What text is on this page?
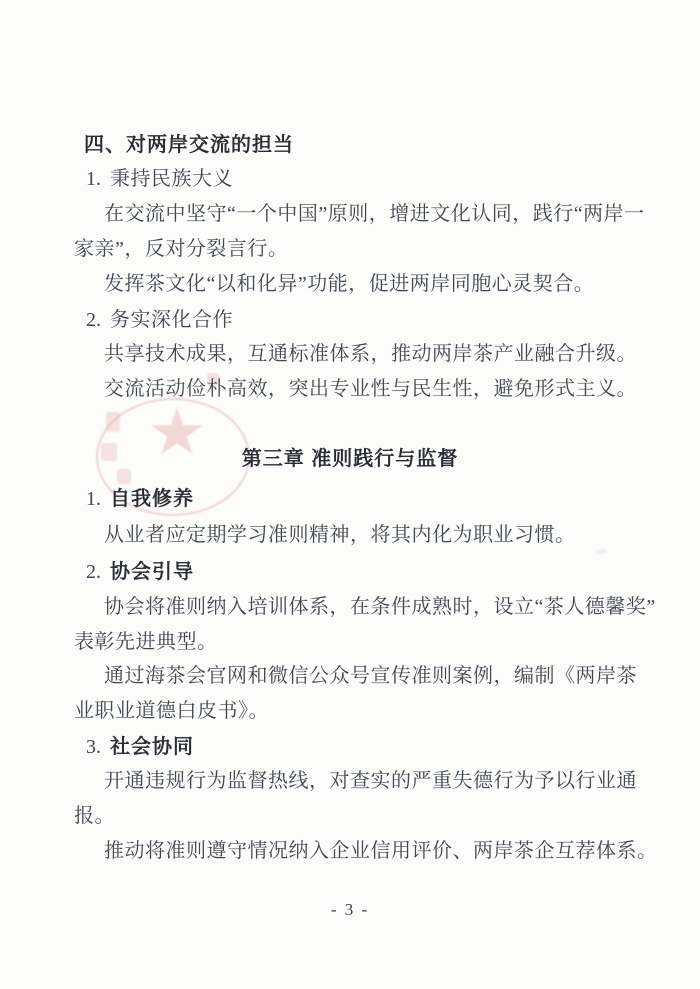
四、对两岸交流的担当
1. 秉持民族大义
在交流中坚守“一个中国”原则，增进文化认同，践行“两岸一
家亲”，反对分裂言行。
发挥茶文化“以和化异”功能，促进两岸同胞心灵契合。
2. 务实深化合作
共享技术成果，互通标准体系，推动两岸茶产业融合升级。
交流活动俭朴高效，突出专业性与民生性，避免形式主义。
第三章 准则践行与监督
1. 自我修养
从业者应定期学习准则精神，将其内化为职业习惯。
2. 协会引导
协会将准则纳入培训体系，在条件成熟时，设立“茶人德馨奖”
表彰先进典型。
通过海茶会官网和微信公众号宣传准则案例，编制《两岸茶
业职业道德白皮书》。
3. 社会协同
开通违规行为监督热线，对查实的严重失德行为予以行业通
报。
推动将准则遵守情况纳入企业信用评价、两岸茶企互荐体系。
- 3 -
